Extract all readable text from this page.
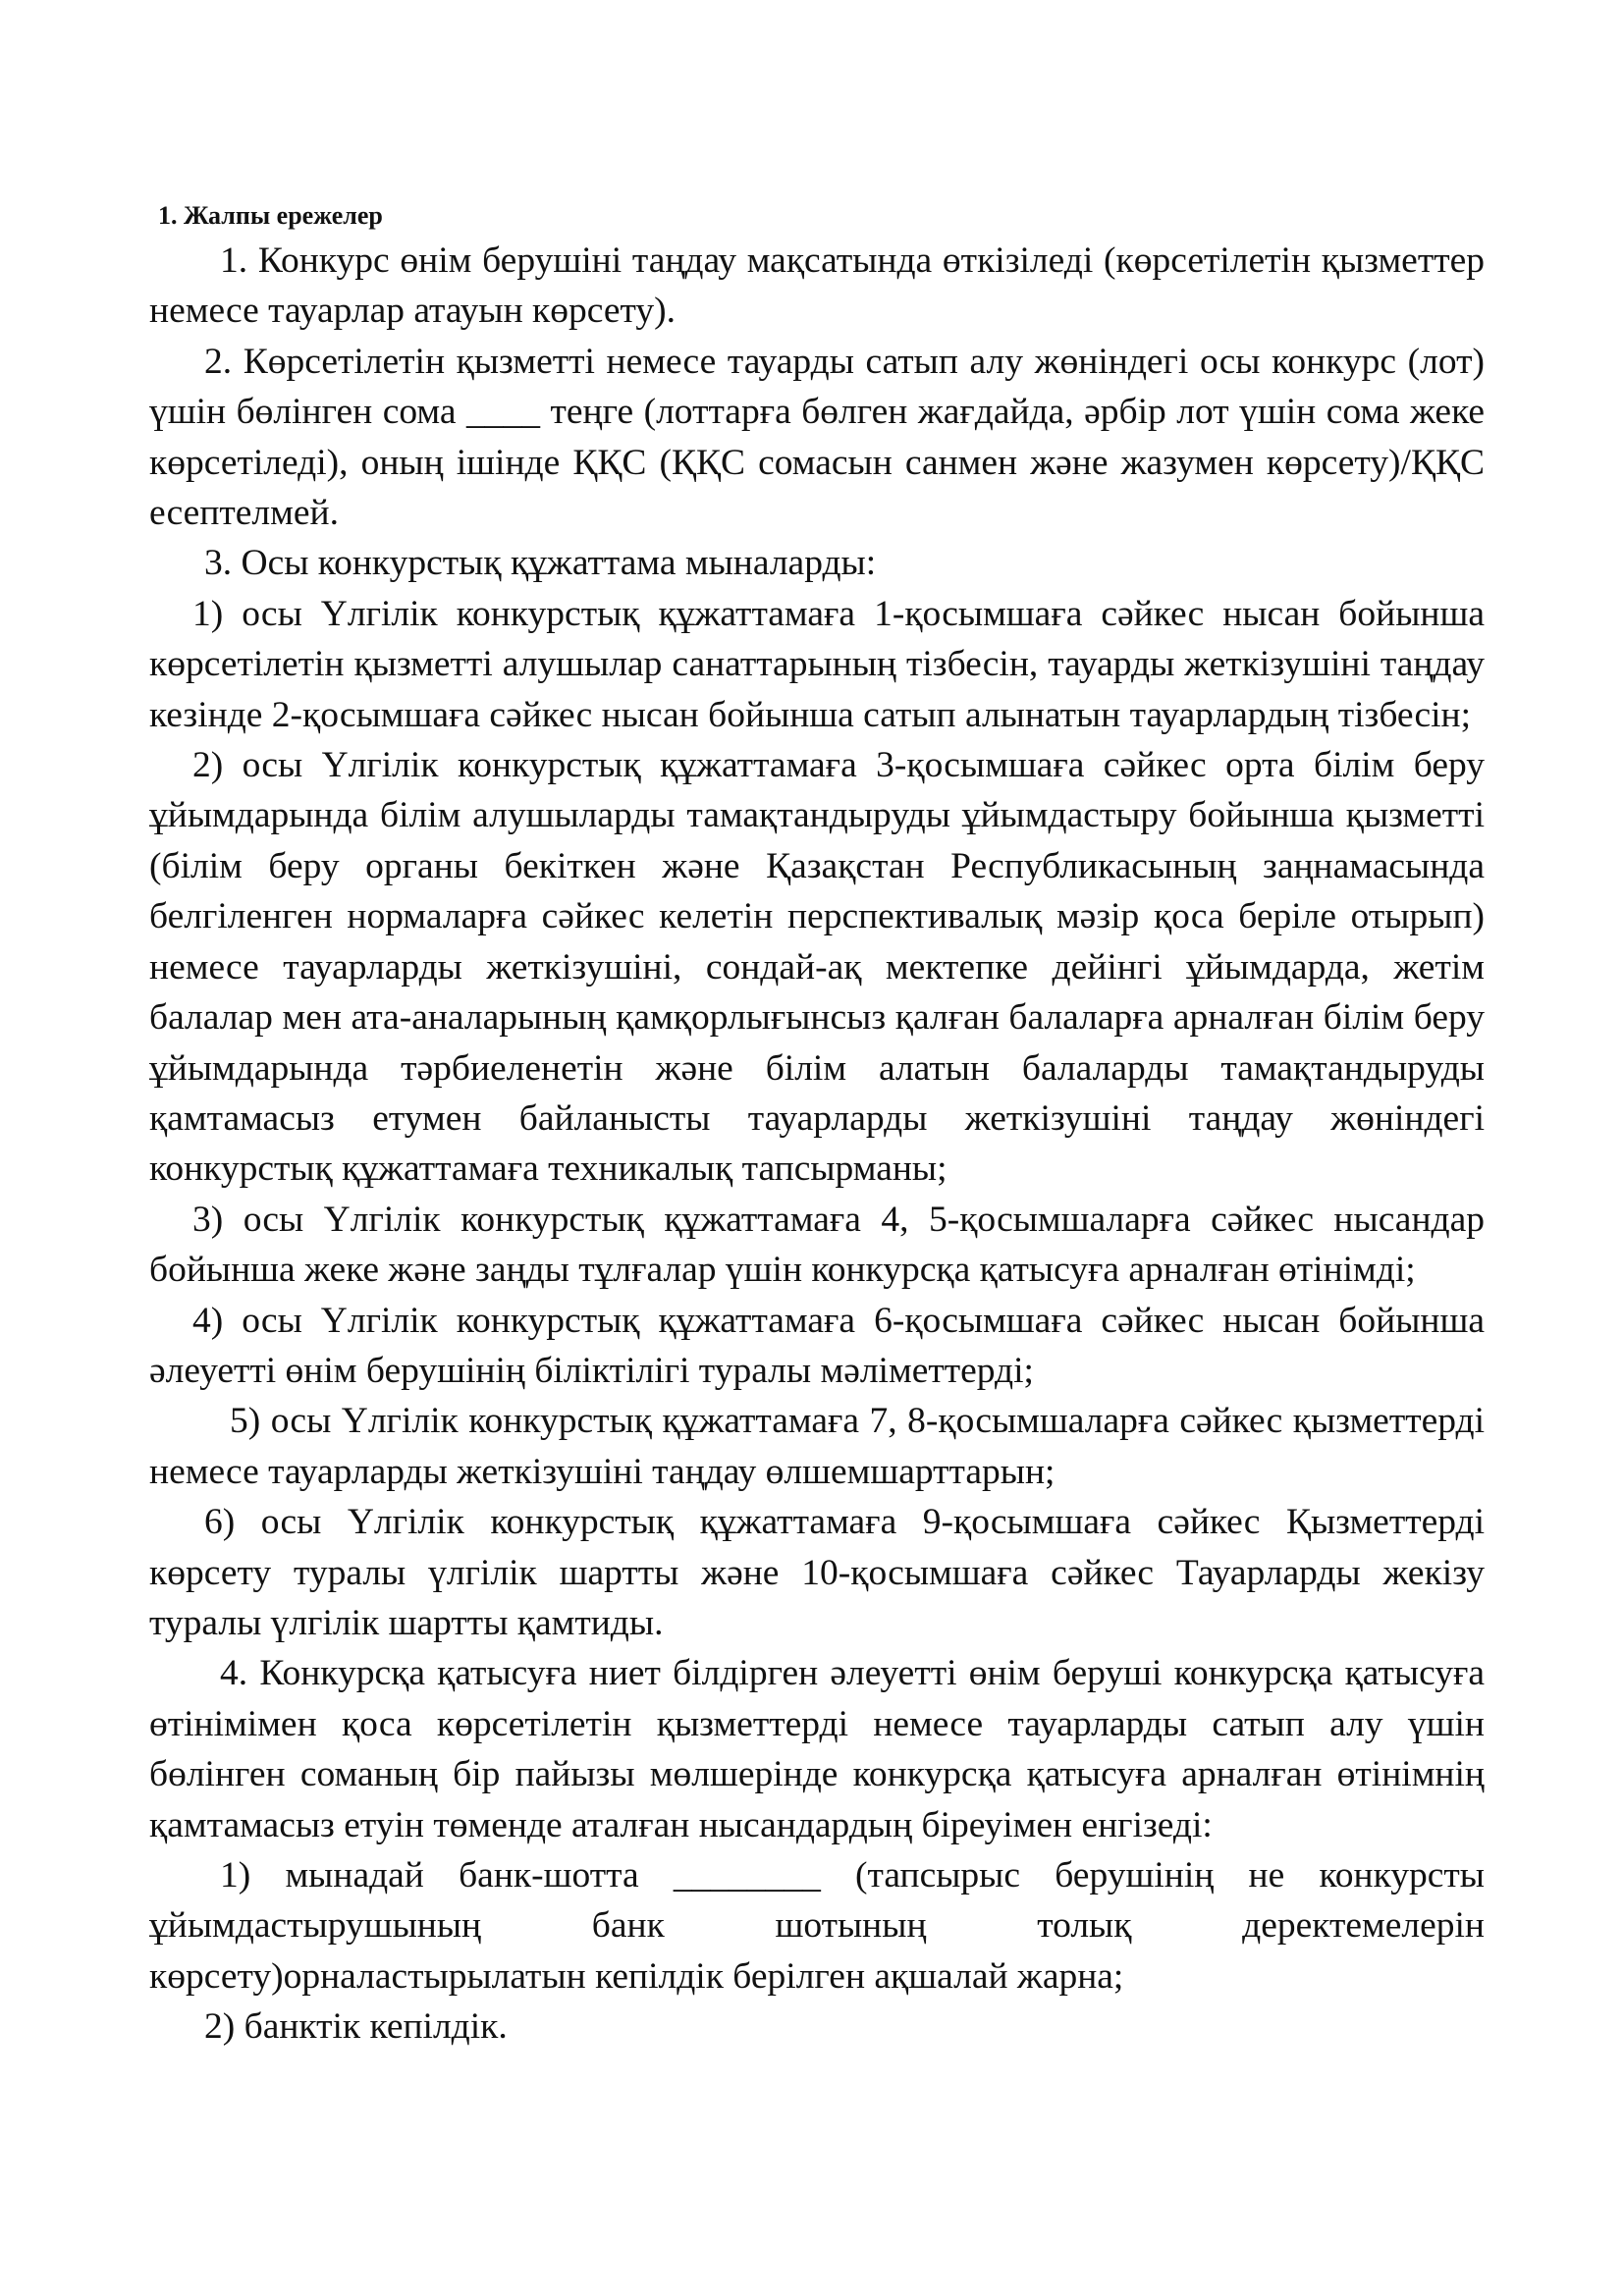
1. Жалпы ережелер

1. Конкурс өнім берушіні таңдау мақсатында өткізіледі (көрсетілетін қызметтер немесе тауарлар атауын көрсету).

2. Көрсетілетін қызметті немесе тауарды сатып алу жөніндегі осы конкурс (лот) үшін бөлінген сома ____ теңге (лоттарға бөлген жағдайда, әрбір лот үшін сома жеке көрсетіледі), оның ішінде ҚҚС (ҚҚС сомасын санмен және жазумен көрсету)/ҚҚС есептелмей.

3. Осы конкурстық құжаттама мыналарды:

1) осы Үлгілік конкурстық құжаттамаға 1-қосымшаға сәйкес нысан бойынша көрсетілетін қызметті алушылар санаттарының тізбесін, тауарды жеткізушіні таңдау кезінде 2-қосымшаға сәйкес нысан бойынша сатып алынатын тауарлардың тізбесін;

2) осы Үлгілік конкурстық құжаттамаға 3-қосымшаға сәйкес орта білім беру ұйымдарында білім алушыларды тамақтандыруды ұйымдастыру бойынша қызметті (білім беру органы бекіткен және Қазақстан Республикасының заңнамасында белгіленген нормаларға сәйкес келетін перспективалық мәзір қоса беріле отырып) немесе тауарларды жеткізушіні, сондай-ақ мектепке дейінгі ұйымдарда, жетім балалар мен ата-аналарының қамқорлығынсыз қалған балаларға арналған білім беру ұйымдарында тәрбиеленетін және білім алатын балаларды тамақтандыруды қамтамасыз етумен байланысты тауарларды жеткізушіні таңдау жөніндегі конкурстық құжаттамаға техникалық тапсырманы;

3) осы Үлгілік конкурстық құжаттамаға 4, 5-қосымшаларға сәйкес нысандар бойынша жеке және заңды тұлғалар үшін конкурсқа қатысуға арналған өтінімді;

4) осы Үлгілік конкурстық құжаттамаға 6-қосымшаға сәйкес нысан бойынша әлеуетті өнім берушінің біліктілігі туралы мәліметтерді;

5) осы Үлгілік конкурстық құжаттамаға 7, 8-қосымшаларға сәйкес қызметтерді немесе тауарларды жеткізушіні таңдау өлшемшарттарын;

6) осы Үлгілік конкурстық құжаттамаға 9-қосымшаға сәйкес Қызметтерді көрсету туралы үлгілік шартты және 10-қосымшаға сәйкес Тауарларды жекізу туралы үлгілік шартты қамтиды.

4. Конкурсқа қатысуға ниет білдірген әлеуетті өнім беруші конкурсқа қатысуға өтінімімен қоса көрсетілетін қызметтерді немесе тауарларды сатып алу үшін бөлінген соманың бір пайызы мөлшерінде конкурсқа қатысуға арналған өтінімнің қамтамасыз етуін төменде аталған нысандардың біреуімен енгізеді:

1) мынадай банк-шотта ________ (тапсырыс берушінің не конкурсты ұйымдастырушының банк шотының толық деректемелерін көрсету)орналастырылатын кепілдік берілген ақшалай жарна;

2) банктік кепілдік.
